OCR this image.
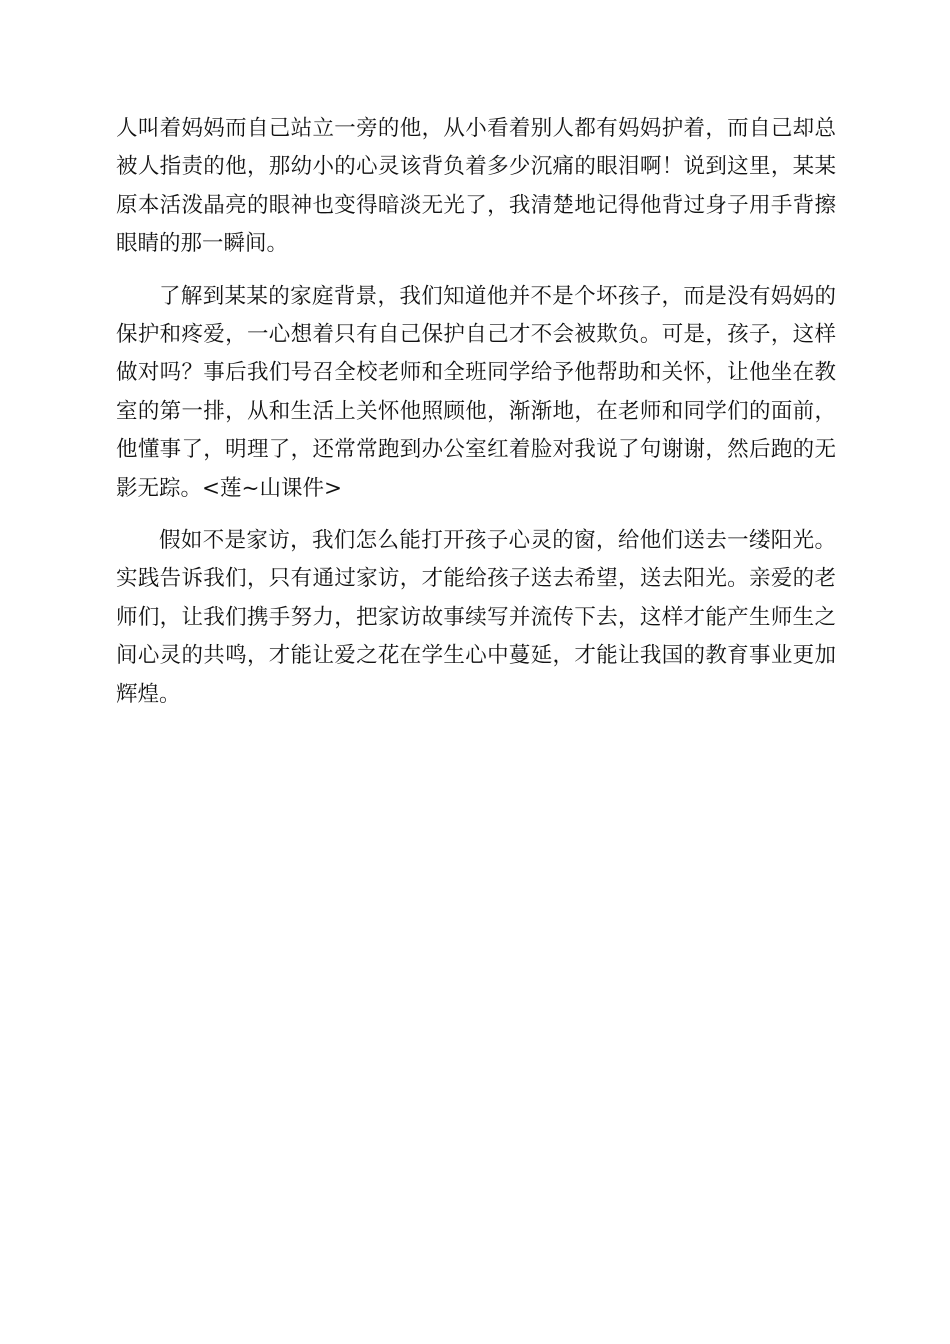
人叫着妈妈而自己站立一旁的他，从小看着别人都有妈妈护着，而自己却总被人指责的他，那幼小的心灵该背负着多少沉痛的眼泪啊！说到这里，某某原本活泼晶亮的眼神也变得暗淡无光了，我清楚地记得他背过身子用手背擦眼睛的那一瞬间。

了解到某某的家庭背景，我们知道他并不是个坏孩子，而是没有妈妈的保护和疼爱，一心想着只有自己保护自己才不会被欺负。可是，孩子，这样做对吗？事后我们号召全校老师和全班同学给予他帮助和关怀，让他坐在教室的第一排，从和生活上关怀他照顾他，渐渐地，在老师和同学们的面前，他懂事了，明理了，还常常跑到办公室红着脸对我说了句谢谢，然后跑的无影无踪。<莲~山课件>

假如不是家访，我们怎么能打开孩子心灵的窗，给他们送去一缕阳光。实践告诉我们，只有通过家访，才能给孩子送去希望，送去阳光。亲爱的老师们，让我们携手努力，把家访故事续写并流传下去，这样才能产生师生之间心灵的共鸣，才能让爱之花在学生心中蔓延，才能让我国的教育事业更加辉煌。
